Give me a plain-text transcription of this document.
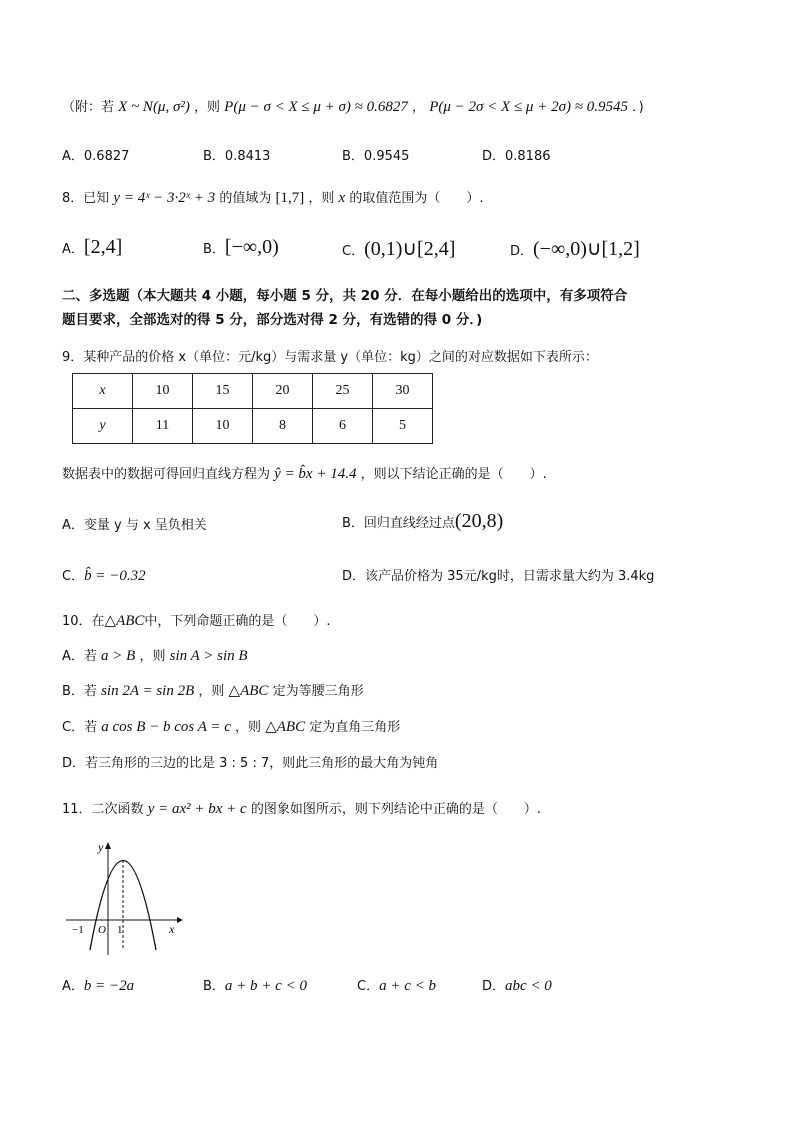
（附：若 X ~ N(μ, σ²) ，则 P(μ − σ < X ≤ μ + σ) ≈ 0.6827 ， P(μ − 2σ < X ≤ μ + 2σ) ≈ 0.9545 ．)
A．0.6827	B．0.8413	B．0.9545	D．0.8186
8．已知 y = 4ˣ − 3·2ˣ + 3 的值域为 [1,7] ，则 x 的取值范围为（　　）.
A．[2,4]	B．[−∞,0)	C．(0,1)∪[2,4]	D．(−∞,0)∪[1,2]
二、多选题（本大题共 4 小题，每小题 5 分，共 20 分．在每小题给出的选项中，有多项符合
题目要求，全部选对的得 5 分，部分选对得 2 分，有选错的得 0 分．)
9．某种产品的价格 x（单位：元/kg）与需求量 y（单位：kg）之间的对应数据如下表所示：
x	10	15	20	25	30
y	11	10	8	6	5
数据表中的数据可得回归直线方程为 ŷ = b̂x + 14.4 ，则以下结论正确的是（　　）.
A．变量 y 与 x 呈负相关	B．回归直线经过点(20,8)
C．b̂ = −0.32	D．该产品价格为 35元/kg时，日需求量大约为 3.4kg
10．在△ABC中，下列命题正确的是（　　）.
A．若 a > B ，则 sin A > sin B
B．若 sin 2A = sin 2B ，则 △ABC 定为等腰三角形
C．若 a cos B − b cos A = c ，则 △ABC 定为直角三角形
D．若三角形的三边的比是 3 : 5 : 7，则此三角形的最大角为钝角
11．二次函数 y = ax² + bx + c 的图象如图所示，则下列结论中正确的是（　　）.
y
x
O
−1	1
A．b = −2a	B．a + b + c < 0	C．a + c < b	D．abc < 0
